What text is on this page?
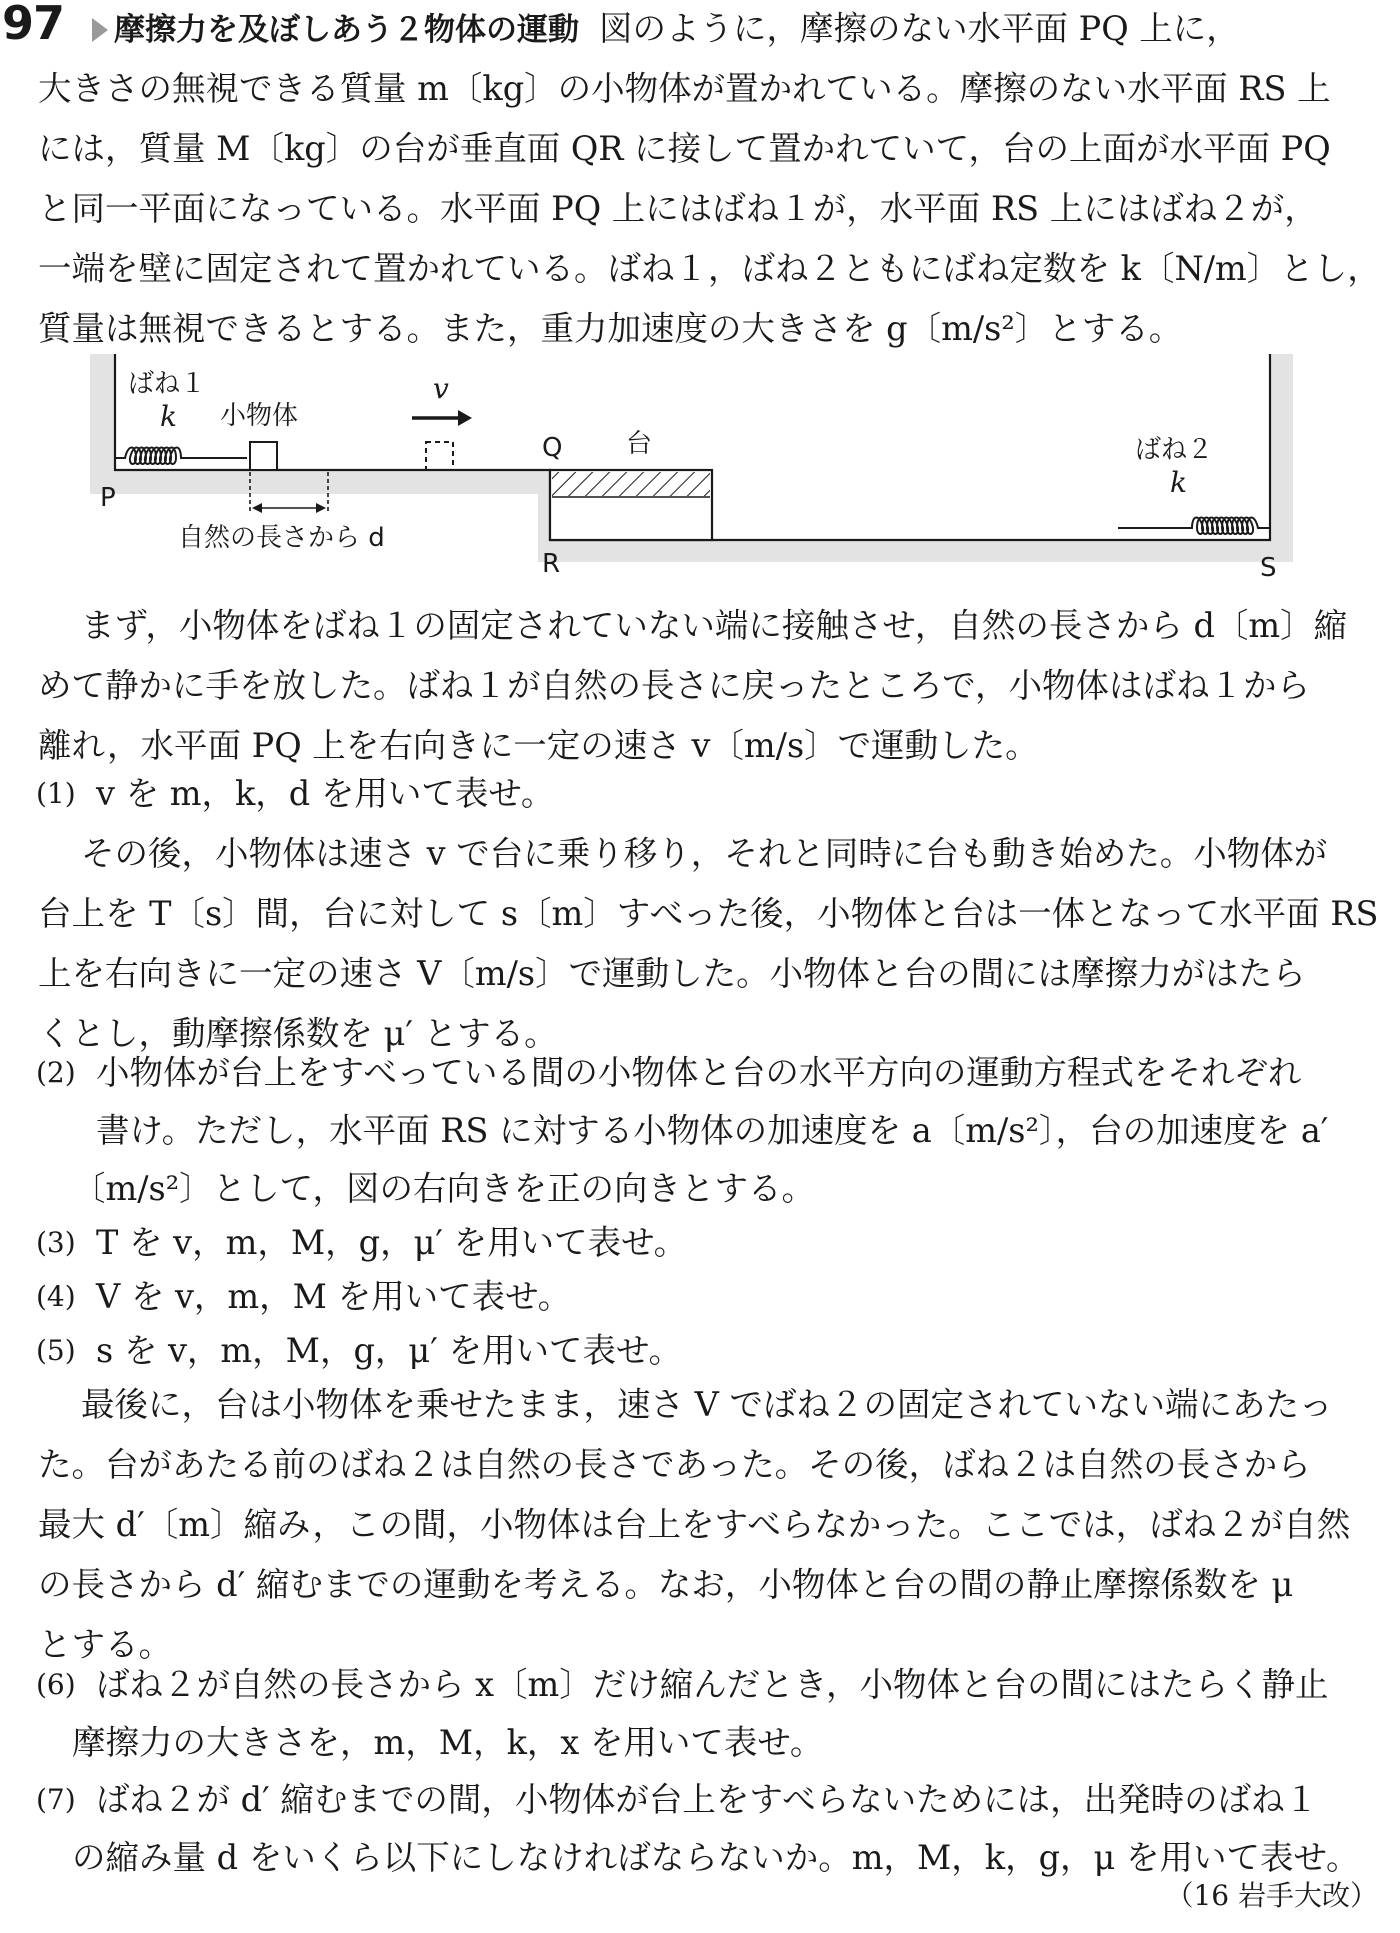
97	摩擦力を及ぼしあう２物体の運動 図のように，摩擦のない水平面 PQ 上に，
大きさの無視できる質量 m〔kg〕の小物体が置かれている。摩擦のない水平面 RS 上
には，質量 M〔kg〕の台が垂直面 QR に接して置かれていて，台の上面が水平面 PQ
と同一平面になっている。水平面 PQ 上にはばね１が，水平面 RS 上にはばね２が，
一端を壁に固定されて置かれている。ばね１，ばね２ともにばね定数を k〔N/m〕とし，
質量は無視できるとする。また，重力加速度の大きさを g〔m/s²〕とする。
ばね１
k 小物体
v
Q 台	ばね２
k
P
R	S
自然の長さから d
まず，小物体をばね１の固定されていない端に接触させ，自然の長さから d〔m〕縮
めて静かに手を放した。ばね１が自然の長さに戻ったところで，小物体はばね１から
離れ，水平面 PQ 上を右向きに一定の速さ v〔m/s〕で運動した。
(1) v を m，k，d を用いて表せ。
その後，小物体は速さ v で台に乗り移り，それと同時に台も動き始めた。小物体が
台上を T〔s〕間，台に対して s〔m〕すべった後，小物体と台は一体となって水平面 RS
上を右向きに一定の速さ V〔m/s〕で運動した。小物体と台の間には摩擦力がはたら
くとし，動摩擦係数を μ′ とする。
(2) 小物体が台上をすべっている間の小物体と台の水平方向の運動方程式をそれぞれ
書け。ただし，水平面 RS に対する小物体の加速度を a〔m/s²〕，台の加速度を a′
〔m/s²〕として，図の右向きを正の向きとする。
(3) T を v，m，M，g，μ′ を用いて表せ。
(4) V を v，m，M を用いて表せ。
(5) s を v，m，M，g，μ′ を用いて表せ。
最後に，台は小物体を乗せたまま，速さ V でばね２の固定されていない端にあたっ
た。台があたる前のばね２は自然の長さであった。その後，ばね２は自然の長さから
最大 d′〔m〕縮み，この間，小物体は台上をすべらなかった。ここでは，ばね２が自然
の長さから d′ 縮むまでの運動を考える。なお，小物体と台の間の静止摩擦係数を μ
とする。
(6) ばね２が自然の長さから x〔m〕だけ縮んだとき，小物体と台の間にはたらく静止
摩擦力の大きさを，m，M，k，x を用いて表せ。
(7) ばね２が d′ 縮むまでの間，小物体が台上をすべらないためには，出発時のばね１
の縮み量 d をいくら以下にしなければならないか。m，M，k，g，μ を用いて表せ。
（16 岩手大改）
